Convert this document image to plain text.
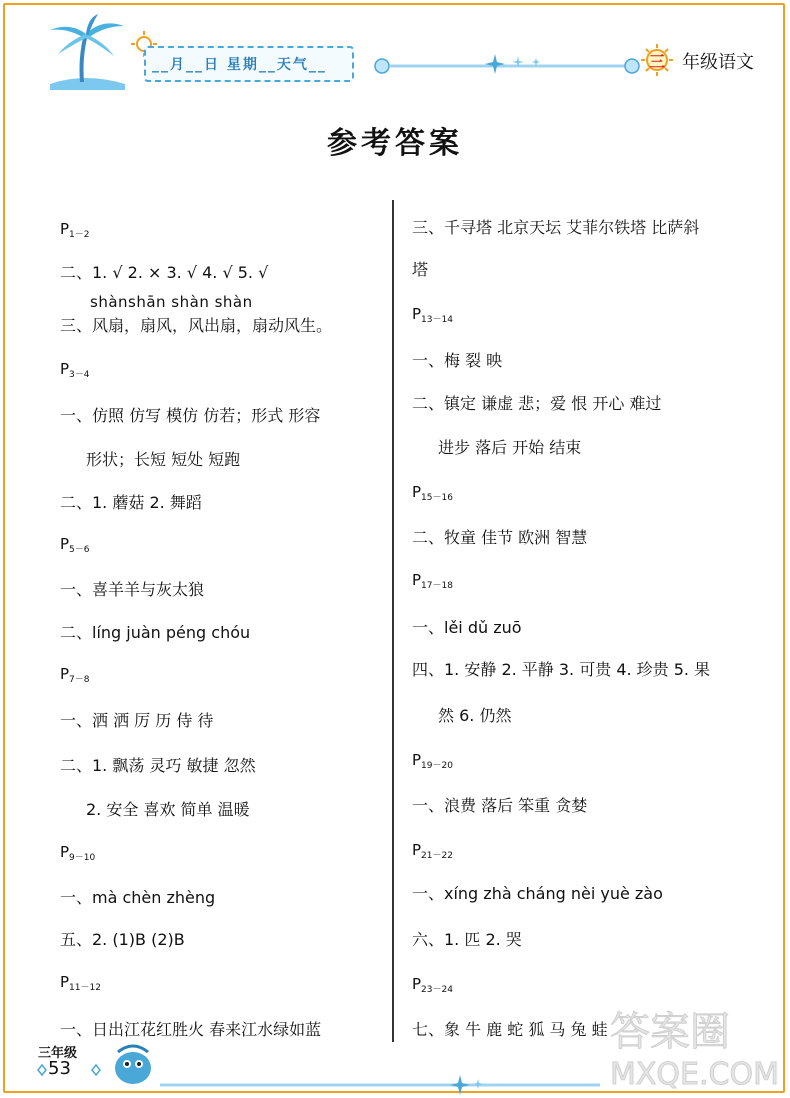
__月__日 星期__天气__	三 年级语文
参考答案
$P_{1-2}$
二、1. √ 2. × 3. √ 4. √ 5. √
shànshān shàn shàn
三、风扇，扇风，风出扇，扇动风生。
$P_{3-4}$
一、仿照 仿写 模仿 仿若；形式 形容
形状；长短 短处 短跑
二、1. 蘑菇 2. 舞蹈
$P_{5-6}$
一、喜羊羊与灰太狼
二、líng juàn péng chóu
$P_{7-8}$
一、洒 洒 厉 历 侍 待
二、1. 飘荡 灵巧 敏捷 忽然
2. 安全 喜欢 简单 温暖
$P_{9-10}$
一、mà chèn zhèng
五、2. (1)B (2)B
$P_{11-12}$
一、日出江花红胜火 春来江水绿如蓝
三、千寻塔 北京天坛 艾菲尔铁塔 比萨斜
塔
$P_{13-14}$
一、梅 裂 映
二、镇定 谦虚 悲；爱 恨 开心 难过
进步 落后 开始 结束
$P_{15-16}$
二、牧童 佳节 欧洲 智慧
$P_{17-18}$
一、lěi dǔ zuō
四、1. 安静 2. 平静 3. 可贵 4. 珍贵 5. 果
然 6. 仍然
$P_{19-20}$
一、浪费 落后 笨重 贪婪
$P_{21-22}$
一、xíng zhà cháng nèi yuè zào
六、1. 匹 2. 哭
$P_{23-24}$
七、象 牛 鹿 蛇 狐 马 兔 蛙
三年级
53
答案圈
MXQE.COM
